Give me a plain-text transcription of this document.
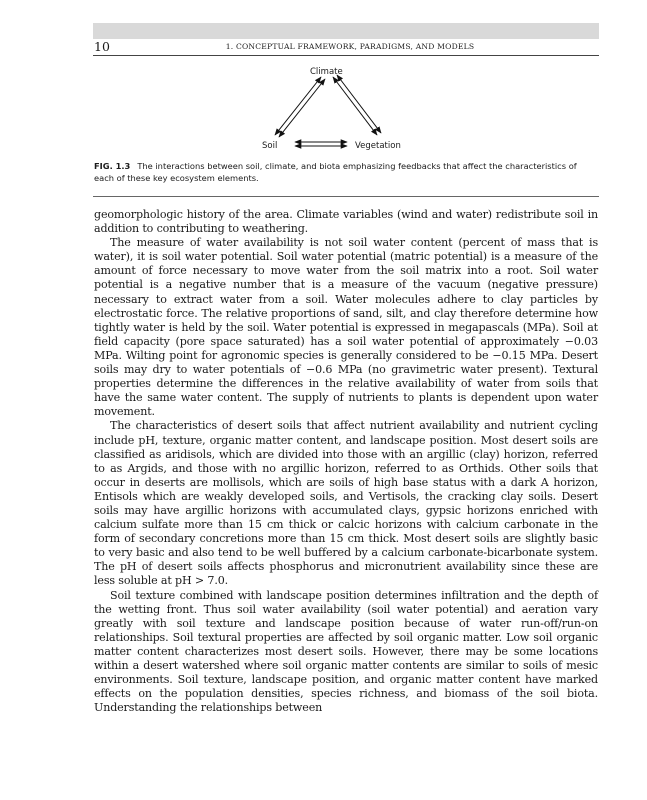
10	1. CONCEPTUAL FRAMEWORK, PARADIGMS, AND MODELS
Climate
Soil	Vegetation
FIG. 1.3 The interactions between soil, climate, and biota emphasizing feedbacks that affect the characteristics of each of these key ecosystem elements.

geomorphologic history of the area. Climate variables (wind and water) redistribute soil in addition to contributing to weathering.

The measure of water availability is not soil water content (percent of mass that is water), it is soil water potential. Soil water potential (matric potential) is a measure of the amount of force necessary to move water from the soil matrix into a root. Soil water potential is a negative number that is a measure of the vacuum (negative pressure) necessary to extract water from a soil. Water molecules adhere to clay particles by electrostatic force. The relative proportions of sand, silt, and clay therefore determine how tightly water is held by the soil. Water potential is expressed in megapascals (MPa). Soil at field capacity (pore space saturated) has a soil water potential of approximately −0.03 MPa. Wilting point for agronomic species is generally considered to be −0.15 MPa. Desert soils may dry to water potentials of −0.6 MPa (no gravimetric water present). Textural properties determine the differences in the relative availability of water from soils that have the same water content. The supply of nutrients to plants is dependent upon water movement.

The characteristics of desert soils that affect nutrient availability and nutrient cycling include pH, texture, organic matter content, and landscape position. Most desert soils are classified as aridisols, which are divided into those with an argillic (clay) horizon, referred to as Argids, and those with no argillic horizon, referred to as Orthids. Other soils that occur in deserts are mollisols, which are soils of high base status with a dark A horizon, Entisols which are weakly developed soils, and Vertisols, the cracking clay soils. Desert soils may have argillic horizons with accumulated clays, gypsic horizons enriched with calcium sulfate more than 15 cm thick or calcic horizons with calcium carbonate in the form of secondary concretions more than 15 cm thick. Most desert soils are slightly basic to very basic and also tend to be well buffered by a calcium carbonate-bicarbonate system. The pH of desert soils affects phosphorus and micronutrient availability since these are less soluble at pH > 7.0.

Soil texture combined with landscape position determines infiltration and the depth of the wetting front. Thus soil water availability (soil water potential) and aeration vary greatly with soil texture and landscape position because of water run-off/run-on relationships. Soil textural properties are affected by soil organic matter. Low soil organic matter content characterizes most desert soils. However, there may be some locations within a desert watershed where soil organic matter contents are similar to soils of mesic environments. Soil texture, landscape position, and organic matter content have marked effects on the population densities, species richness, and biomass of the soil biota. Understanding the relationships between
